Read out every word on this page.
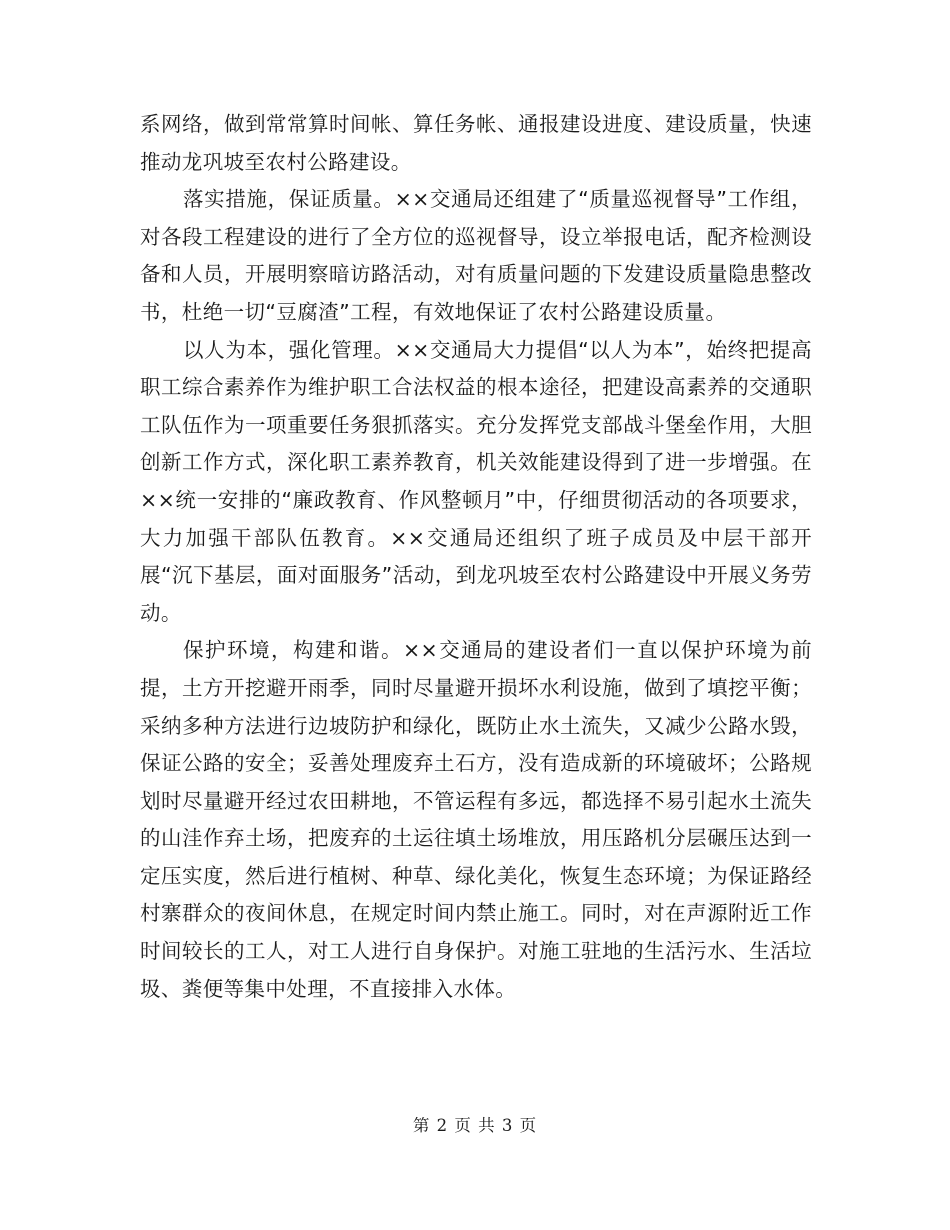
系网络，做到常常算时间帐、算任务帐、通报建设进度、建设质量，快速推动龙巩坡至农村公路建设。

落实措施，保证质量。××交通局还组建了“质量巡视督导”工作组，对各段工程建设的进行了全方位的巡视督导，设立举报电话，配齐检测设备和人员，开展明察暗访路活动，对有质量问题的下发建设质量隐患整改书，杜绝一切“豆腐渣”工程，有效地保证了农村公路建设质量。

以人为本，强化管理。××交通局大力提倡“以人为本”，始终把提高职工综合素养作为维护职工合法权益的根本途径，把建设高素养的交通职工队伍作为一项重要任务狠抓落实。充分发挥党支部战斗堡垒作用，大胆创新工作方式，深化职工素养教育，机关效能建设得到了进一步增强。在××统一安排的“廉政教育、作风整顿月”中，仔细贯彻活动的各项要求，大力加强干部队伍教育。××交通局还组织了班子成员及中层干部开展“沉下基层，面对面服务”活动，到龙巩坡至农村公路建设中开展义务劳动。

保护环境，构建和谐。××交通局的建设者们一直以保护环境为前提，土方开挖避开雨季，同时尽量避开损坏水利设施，做到了填挖平衡；采纳多种方法进行边坡防护和绿化，既防止水土流失，又减少公路水毁，保证公路的安全；妥善处理废弃土石方，没有造成新的环境破坏；公路规划时尽量避开经过农田耕地，不管运程有多远，都选择不易引起水土流失的山洼作弃土场，把废弃的土运往填土场堆放，用压路机分层碾压达到一定压实度，然后进行植树、种草、绿化美化，恢复生态环境；为保证路经村寨群众的夜间休息，在规定时间内禁止施工。同时，对在声源附近工作时间较长的工人，对工人进行自身保护。对施工驻地的生活污水、生活垃圾、粪便等集中处理，不直接排入水体。

第 2 页 共 3 页
